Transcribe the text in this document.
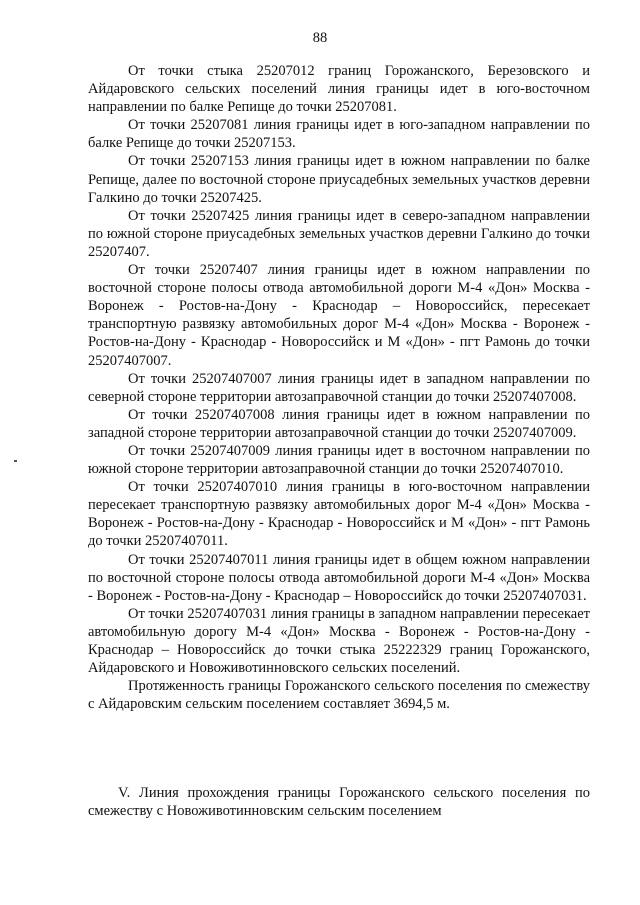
88

От точки стыка 25207012 границ Горожанского, Березовского и Айдаровского сельских поселений линия границы идет в юго-восточном направлении по балке Репище до точки 25207081.

От точки 25207081 линия границы идет в юго-западном направлении по балке Репище до точки 25207153.

От точки 25207153 линия границы идет в южном направлении по балке Репище, далее по восточной стороне приусадебных земельных участков деревни Галкино до точки 25207425.

От точки 25207425 линия границы идет в северо-западном направлении по южной стороне приусадебных земельных участков деревни Галкино до точки 25207407.

От точки 25207407 линия границы идет в южном направлении по восточной стороне полосы отвода автомобильной дороги М-4 «Дон» Москва - Воронеж - Ростов-на-Дону - Краснодар – Новороссийск, пересекает транспортную развязку автомобильных дорог М-4 «Дон» Москва - Воронеж - Ростов-на-Дону - Краснодар - Новороссийск и М «Дон» - пгт Рамонь до точки 25207407007.

От точки 25207407007 линия границы идет в западном направлении по северной стороне территории автозаправочной станции до точки 25207407008.

От точки 25207407008 линия границы идет в южном направлении по западной стороне территории автозаправочной станции до точки 25207407009.

От точки 25207407009 линия границы идет в восточном направлении по южной стороне территории автозаправочной станции до точки 25207407010.

От точки 25207407010 линия границы в юго-восточном направлении пересекает транспортную развязку автомобильных дорог М-4 «Дон» Москва - Воронеж - Ростов-на-Дону - Краснодар - Новороссийск и М «Дон» - пгт Рамонь до точки 25207407011.

От точки 25207407011 линия границы идет в общем южном направлении по восточной стороне полосы отвода автомобильной дороги М-4 «Дон» Москва - Воронеж - Ростов-на-Дону - Краснодар – Новороссийск до точки 25207407031.

От точки 25207407031 линия границы в западном направлении пересекает автомобильную дорогу М-4 «Дон» Москва - Воронеж - Ростов-на-Дону - Краснодар – Новороссийск до точки стыка 25222329 границ Горожанского, Айдаровского и Новоживотинновского сельских поселений.

Протяженность границы Горожанского сельского поселения по смежеству с Айдаровским сельским поселением составляет 3694,5 м.

V. Линия прохождения границы Горожанского сельского поселения по смежеству с Новоживотинновским сельским поселением
